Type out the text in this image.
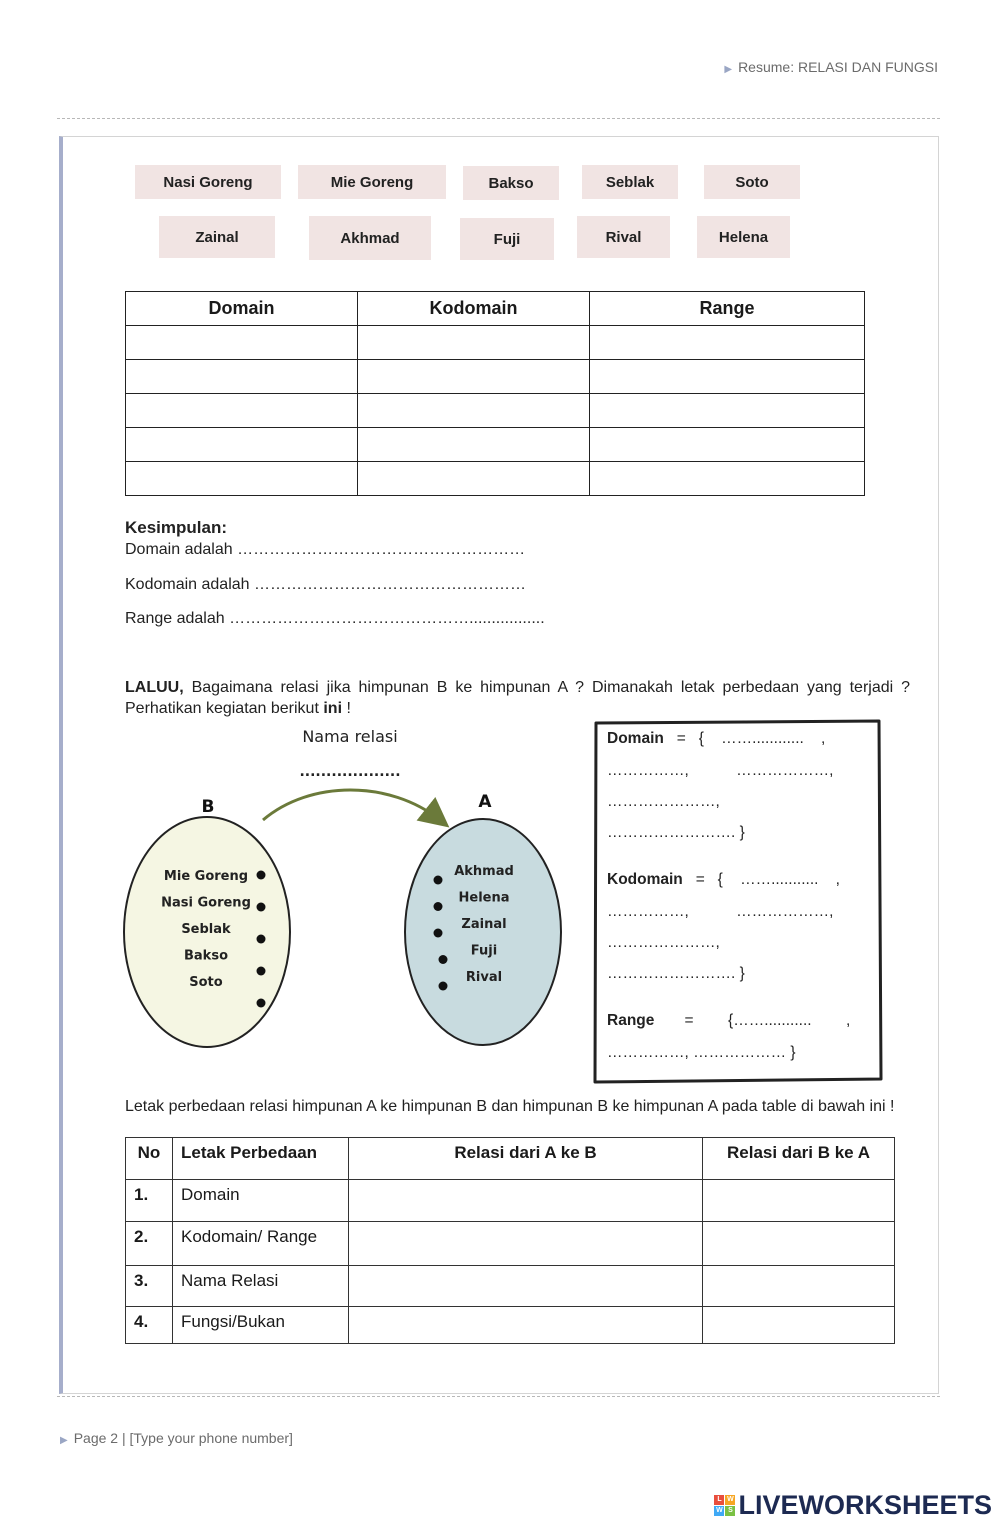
▶ Resume: RELASI DAN FUNGSI
Nasi Goreng	Mie Goreng	Bakso	Seblak	Soto
Zainal	Akhmad	Fuji	Rival	Helena
Domain	Kodomain	Range

Kesimpulan:
Domain adalah ………………………………………………
Kodomain adalah ……………………………………………
Range adalah ……………………………………….................
LALUU, Bagaimana relasi jika himpunan B ke himpunan A ? Dimanakah letak perbedaan yang terjadi ? Perhatikan kegiatan berikut ini !
Nama relasi
...................
B	A
Mie Goreng
Nasi Goreng
Seblak
Bakso
Soto
Akhmad
Helena
Zainal
Fuji
Rival
Domain   =   {    ……............    ,
……………,           ………………,
…………………,
……………………. }
Kodomain   =   {    ……...........    ,
……………,           ………………,
…………………,
……………………. }
Range       =        {……...........        ,
……………, ……………… }
Letak perbedaan relasi himpunan A ke himpunan B dan himpunan B ke himpunan A pada table di bawah ini !
No	Letak Perbedaan	Relasi dari A ke B	Relasi dari B ke A
1.	Domain		
2.	Kodomain/ Range		
3.	Nama Relasi		
4.	Fungsi/Bukan		
▶ Page 2 | [Type your phone number]
L W
W S LIVEWORKSHEETS
